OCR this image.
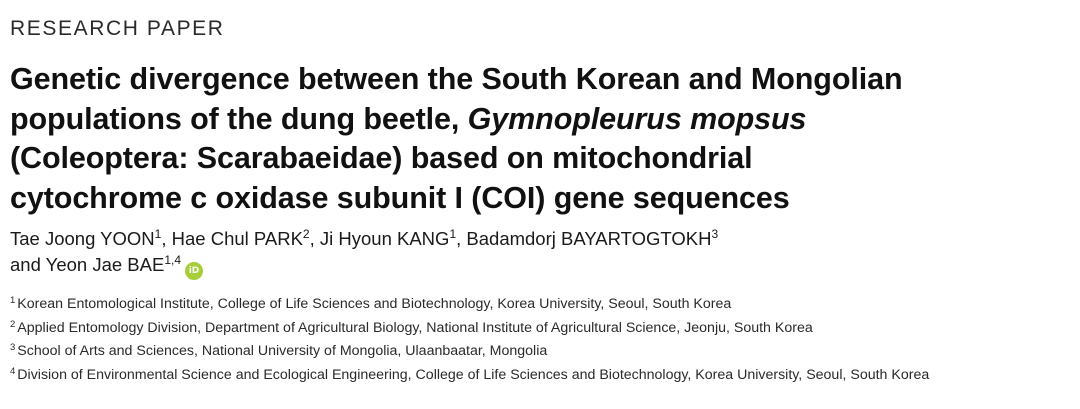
RESEARCH PAPER
Genetic divergence between the South Korean and Mongolian
populations of the dung beetle, Gymnopleurus mopsus
(Coleoptera: Scarabaeidae) based on mitochondrial
cytochrome c oxidase subunit I (COI) gene sequences
Tae Joong YOON$^1$, Hae Chul PARK$^2$, Ji Hyoun KANG$^1$, Badamdorj BAYARTOGTOKH$^3$
and Yeon Jae BAE$^{1,4}$iD
$^1$ Korean Entomological Institute, College of Life Sciences and Biotechnology, Korea University, Seoul, South Korea
$^2$ Applied Entomology Division, Department of Agricultural Biology, National Institute of Agricultural Science, Jeonju, South Korea
$^3$ School of Arts and Sciences, National University of Mongolia, Ulaanbaatar, Mongolia
$^4$ Division of Environmental Science and Ecological Engineering, College of Life Sciences and Biotechnology, Korea University, Seoul, South Korea
